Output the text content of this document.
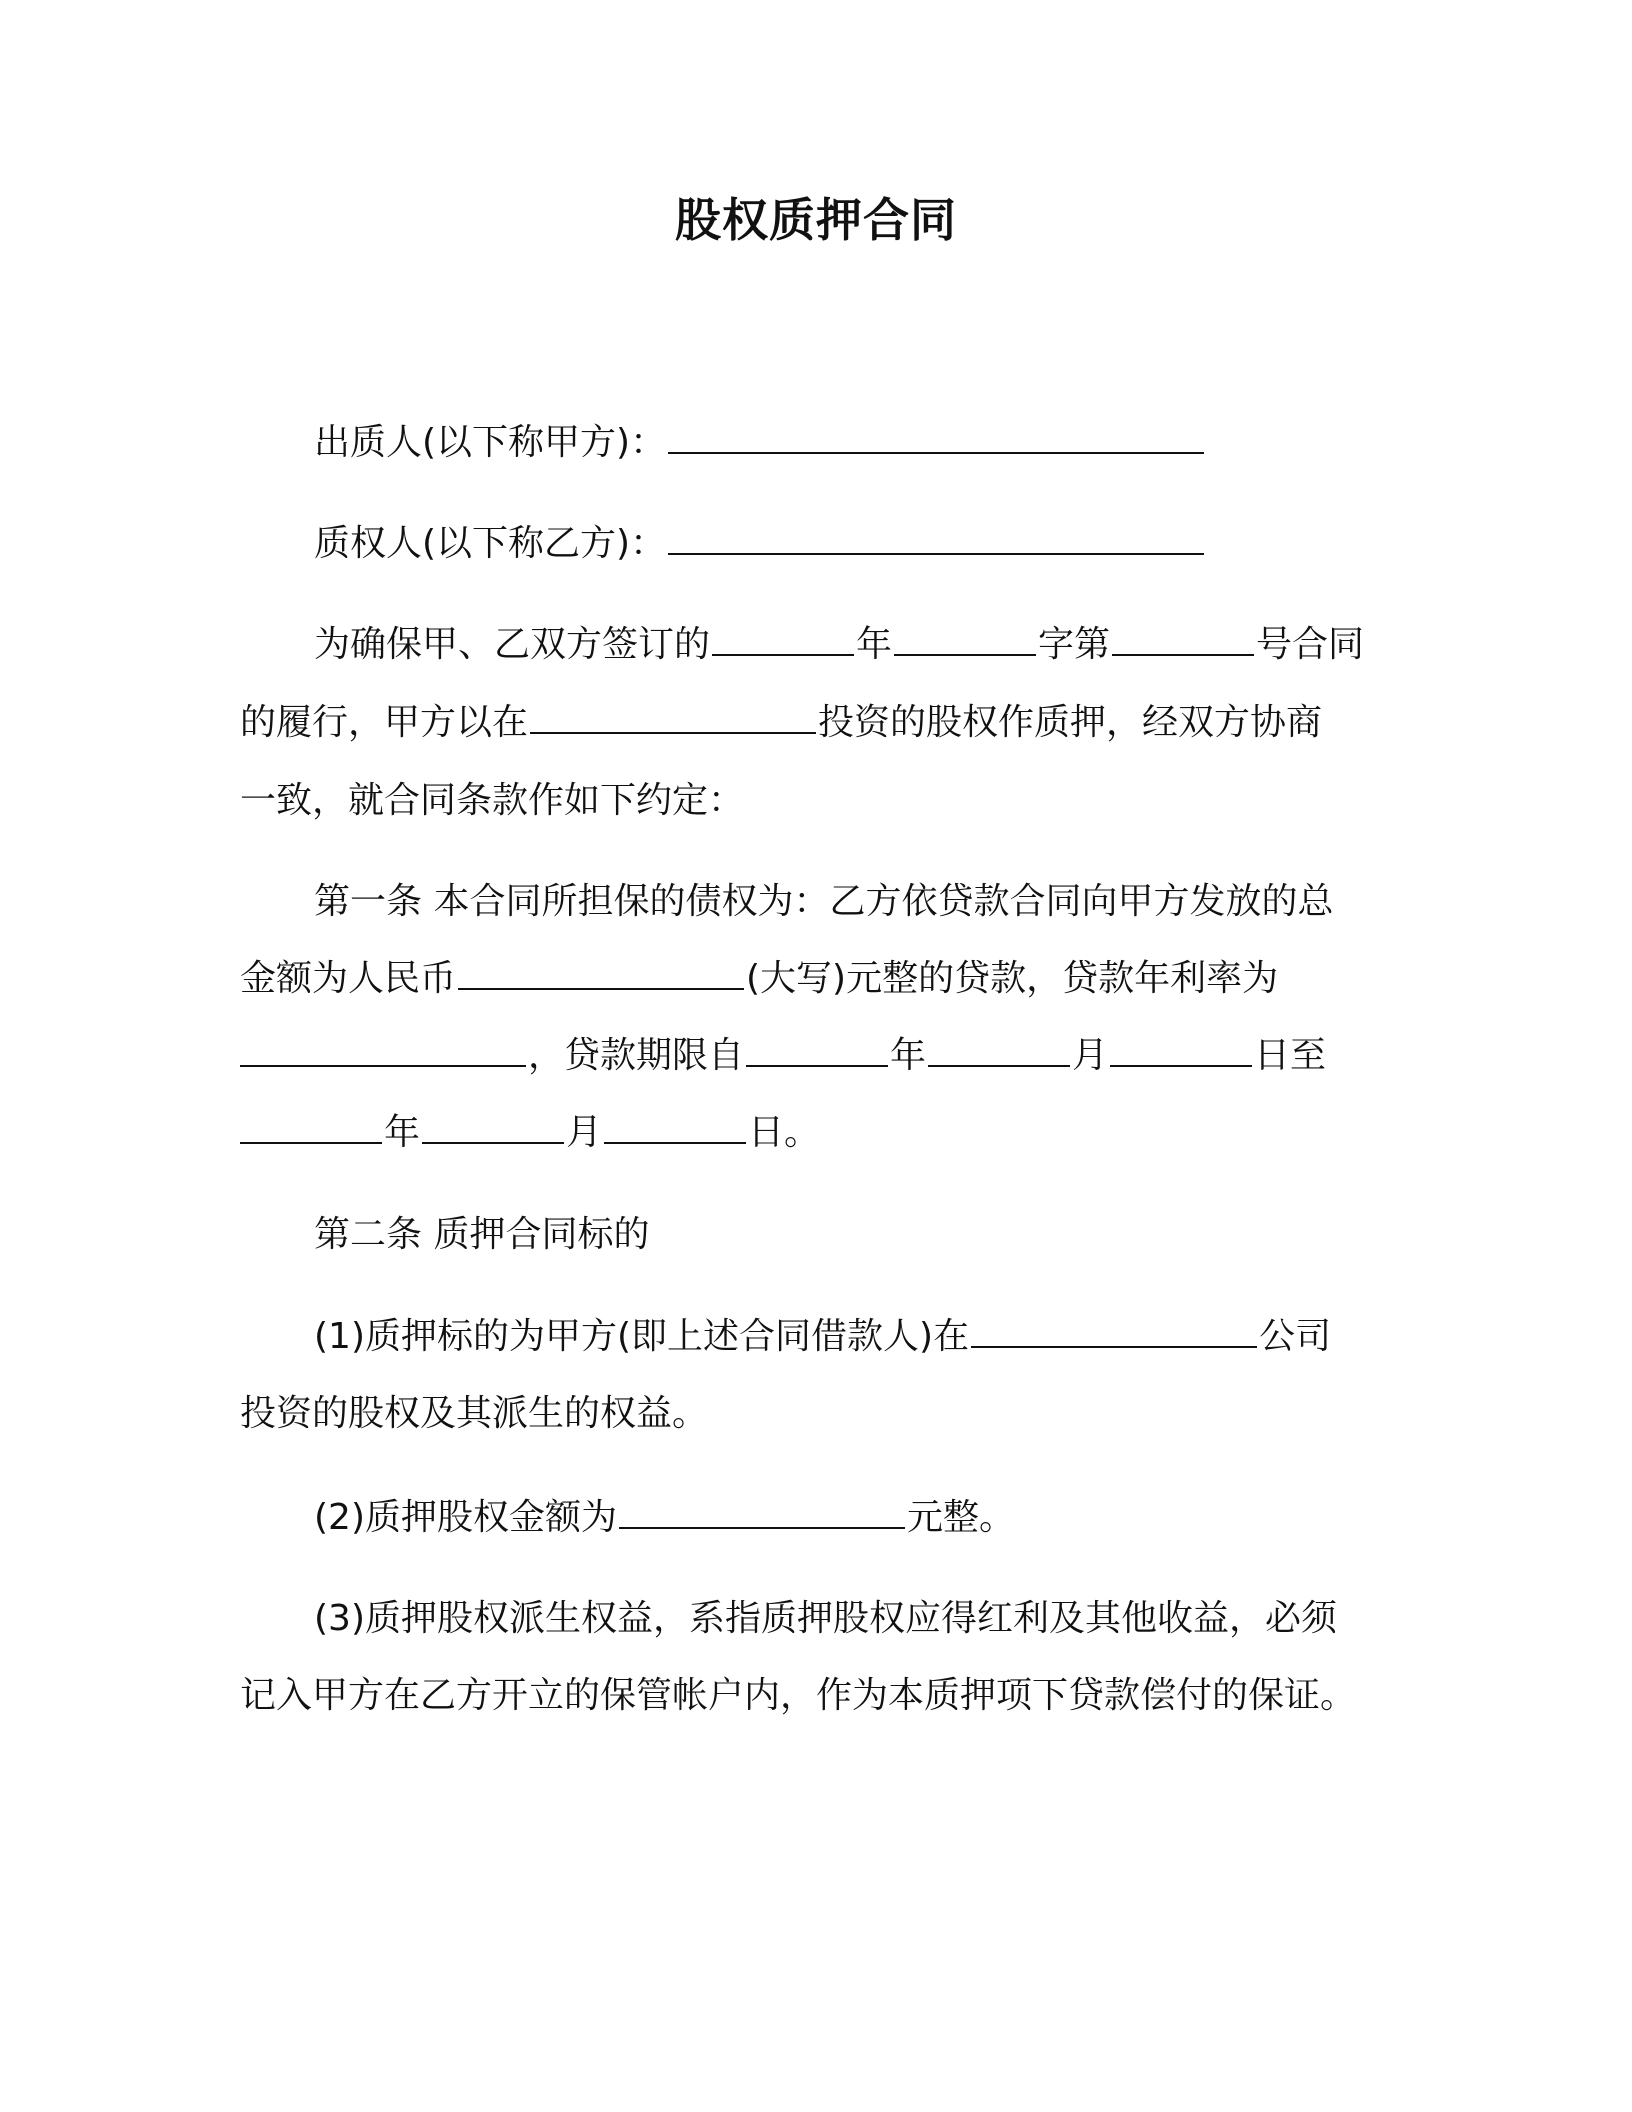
股权质押合同
出质人(以下称甲方)：
质权人(以下称乙方)：
为确保甲、乙双方签订的	年	字第	号合同
的履行，甲方以在	投资的股权作质押，经双方协商
一致，就合同条款作如下约定：
第一条 本合同所担保的债权为：乙方依贷款合同向甲方发放的总
金额为人民币	(大写)元整的贷款，贷款年利率为
，贷款期限自	年	月	日至
年	月	日。
第二条 质押合同标的
(1)质押标的为甲方(即上述合同借款人)在	公司
投资的股权及其派生的权益。
(2)质押股权金额为	元整。
(3)质押股权派生权益，系指质押股权应得红利及其他收益，必须
记入甲方在乙方开立的保管帐户内，作为本质押项下贷款偿付的保证。
